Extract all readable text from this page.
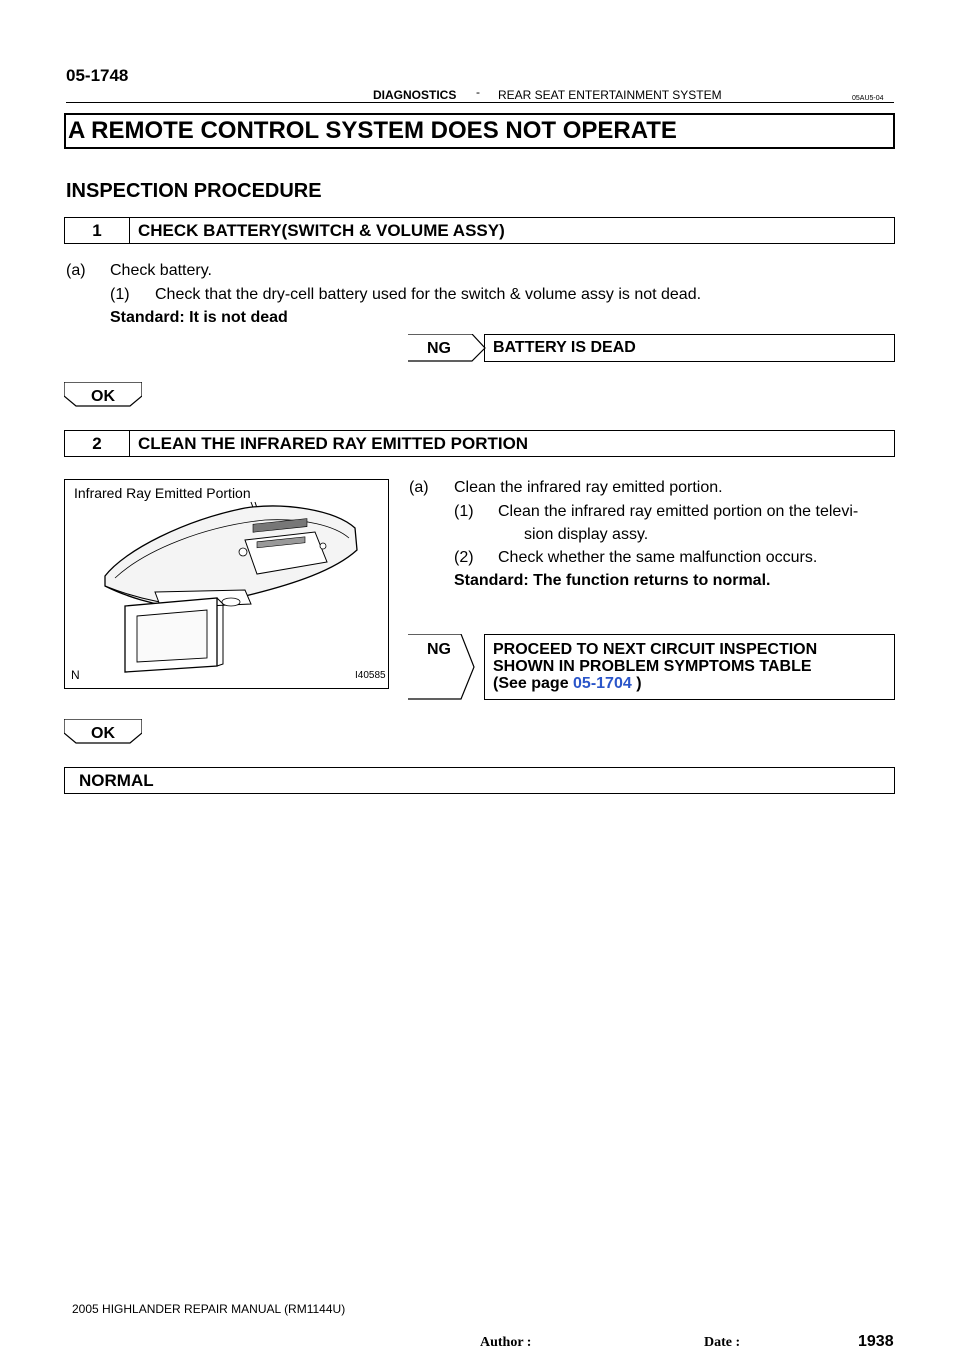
05-1748
DIAGNOSTICS - REAR SEAT ENTERTAINMENT SYSTEM	05AU5-04
A REMOTE CONTROL SYSTEM DOES NOT OPERATE
INSPECTION PROCEDURE
1	CHECK BATTERY(SWITCH & VOLUME ASSY)
(a) Check battery.
(1) Check that the dry-cell battery used for the switch & volume assy is not dead.
Standard: It is not dead
NG	BATTERY IS DEAD
OK
2	CLEAN THE INFRARED RAY EMITTED PORTION
Infrared Ray Emitted Portion
N	I40585
(a) Clean the infrared ray emitted portion.
(1) Clean the infrared ray emitted portion on the televi-
sion display assy.
(2) Check whether the same malfunction occurs.
Standard: The function returns to normal.
NG	PROCEED TO NEXT CIRCUIT INSPECTION
SHOWN IN PROBLEM SYMPTOMS TABLE
(See page 05-1704 )
OK
NORMAL
2005 HIGHLANDER REPAIR MANUAL (RM1144U)
Author :	Date :	1938
